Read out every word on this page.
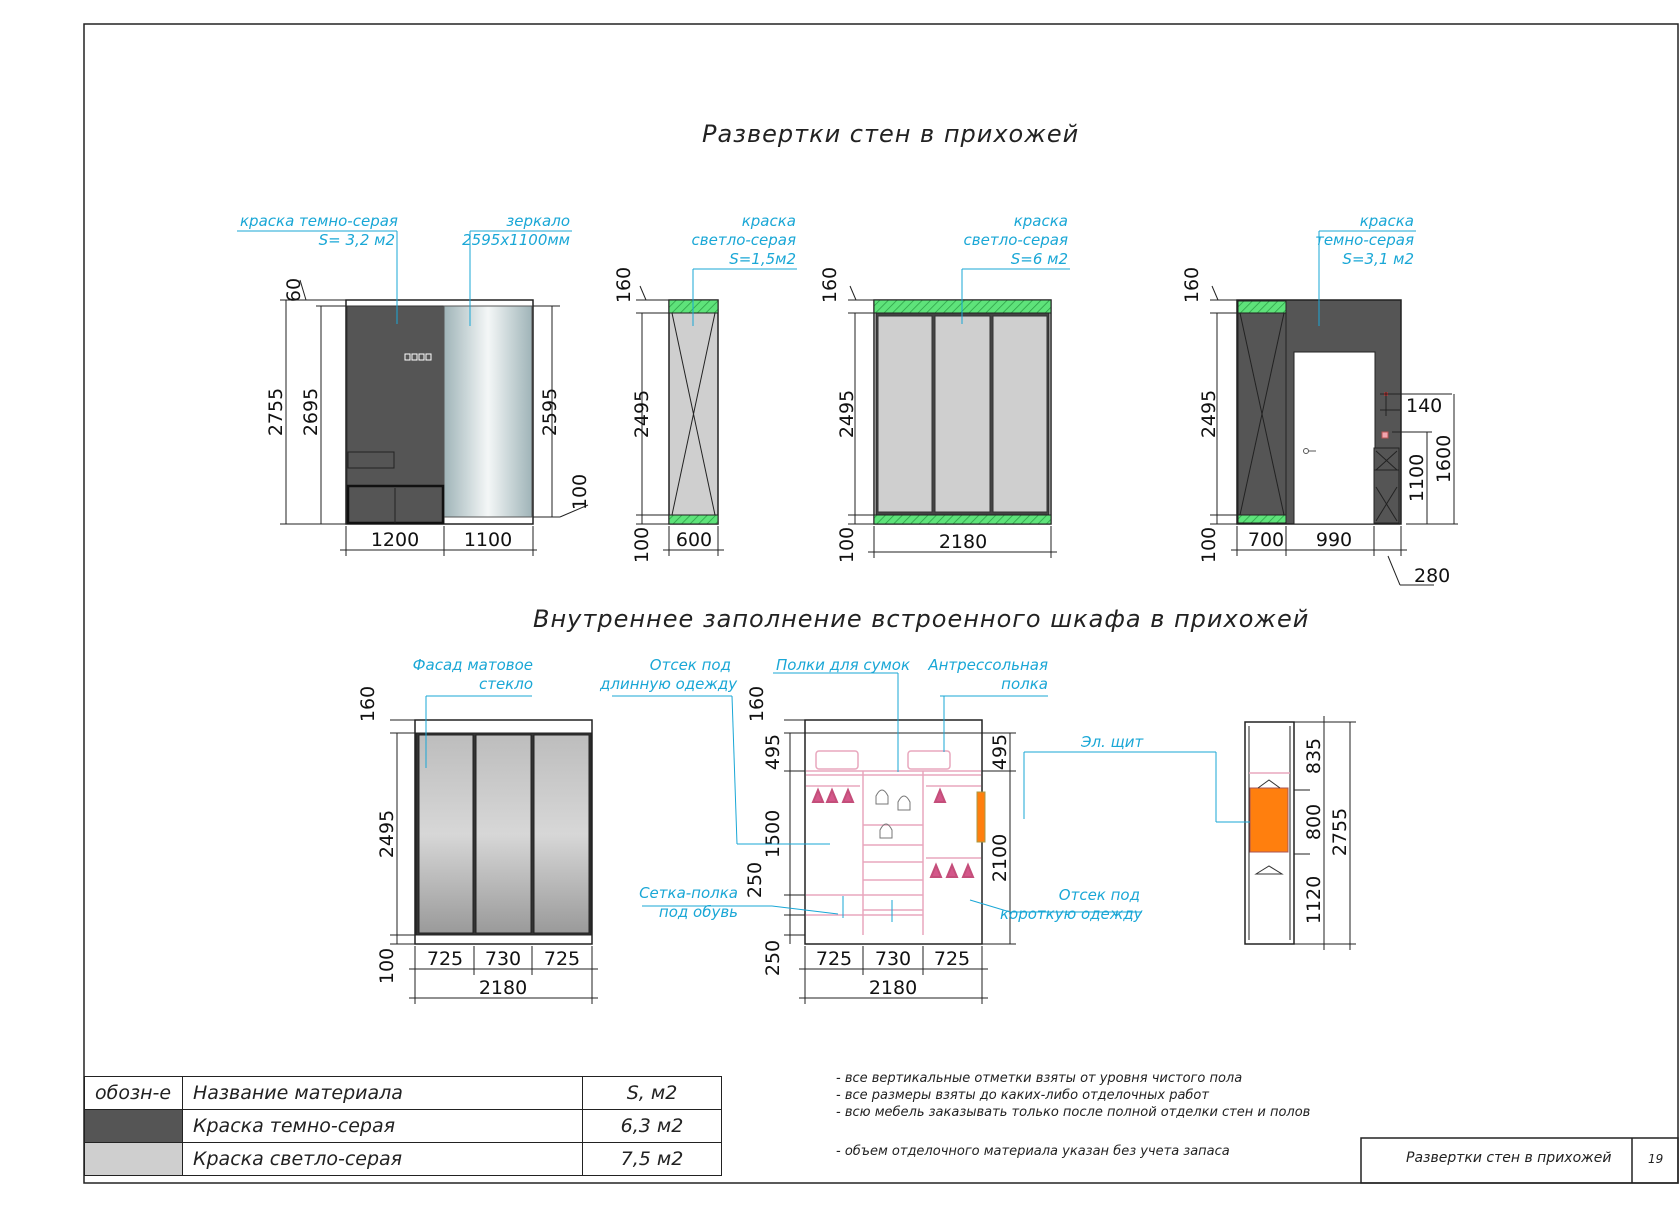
2755 2695
60
2595
100
1200 1100
160
2495
100 600
160
2495
100	2180
160
2495
100 700 990
280
140
1100 1600
160
2495
100 725 730 725
2180
160
495
1500
250
250
495
2100
725 730 725
2180
835
800
1120
2755
Развертки стен в прихожей
Внутреннее заполнение встроенного шкафа в прихожей
краска темно-серая
S= 3,2 м2
зеркало
2595х1100мм
краска
светло-серая
S=1,5м2
краска
светло-серая
S=6 м2
краска
темно-серая
S=3,1 м2
Фасад матовое
стекло
Отсек под
длинную одежду
Полки для сумок	Антрессольная
полка
Сетка-полка
под обувь
Отсек под
короткую одежду
Эл. щит
- все вертикальные отметки взяты от уровня чистого пола
- все размеры взяты до каких-либо отделочных работ
- всю мебель заказывать только после полной отделки стен и полов
- объем отделочного материала указан без учета запаса
обозн-е	Название материала	S, м2
	Краска темно-серая	6,3 м2
	Краска светло-серая	7,5 м2	Развертки стен в прихожей	19
